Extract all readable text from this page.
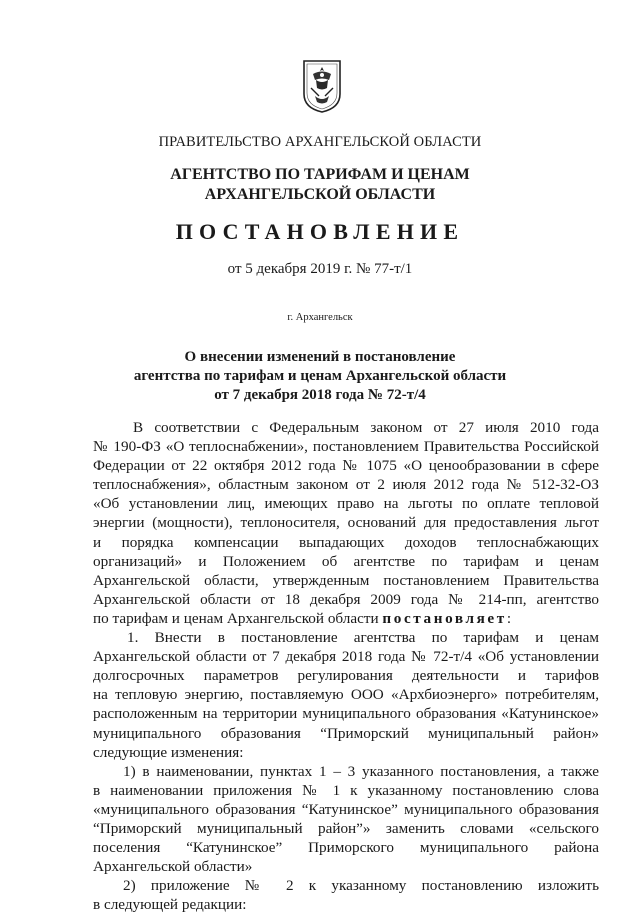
ПРАВИТЕЛЬСТВО АРХАНГЕЛЬСКОЙ ОБЛАСТИ
АГЕНТСТВО ПО ТАРИФАМ И ЦЕНАМ
АРХАНГЕЛЬСКОЙ ОБЛАСТИ
ПОСТАНОВЛЕНИЕ
от 5 декабря 2019 г. № 77-т/1
г. Архангельск
О внесении изменений в постановление
агентства по тарифам и ценам Архангельской области
от 7 декабря 2018 года № 72-т/4

В соответствии с Федеральным законом от 27 июля 2010 года

№ 190-ФЗ «О теплоснабжении», постановлением Правительства Российской

Федерации от 22 октября 2012 года № 1075 «О ценообразовании в сфере

теплоснабжения», областным законом от 2 июля 2012 года № 512-32-ОЗ

«Об установлении лиц, имеющих право на льготы по оплате тепловой

энергии (мощности), теплоносителя, оснований для предоставления льгот

и порядка компенсации выпадающих доходов теплоснабжающих

организаций» и Положением об агентстве по тарифам и ценам

Архангельской области, утвержденным постановлением Правительства

Архангельской области от 18 декабря 2009 года № 214-пп, агентство

по тарифам и ценам Архангельской области постановляет:

1. Внести в постановление агентства по тарифам и ценам

Архангельской области от 7 декабря 2018 года № 72-т/4 «Об установлении

долгосрочных параметров регулирования деятельности и тарифов

на тепловую энергию, поставляемую ООО «Архбиоэнерго» потребителям,

расположенным на территории муниципального образования «Катунинское»

муниципального образования “Приморский муниципальный район»

следующие изменения:

1) в наименовании, пунктах 1 – 3 указанного постановления, а также

в наименовании приложения № 1 к указанному постановлению слова

«муниципального образования “Катунинское” муниципального образования

“Приморский муниципальный район”» заменить словами «сельского

поселения “Катунинское” Приморского муниципального района

Архангельской области»

2) приложение № 2 к указанному постановлению изложить

в следующей редакции:
